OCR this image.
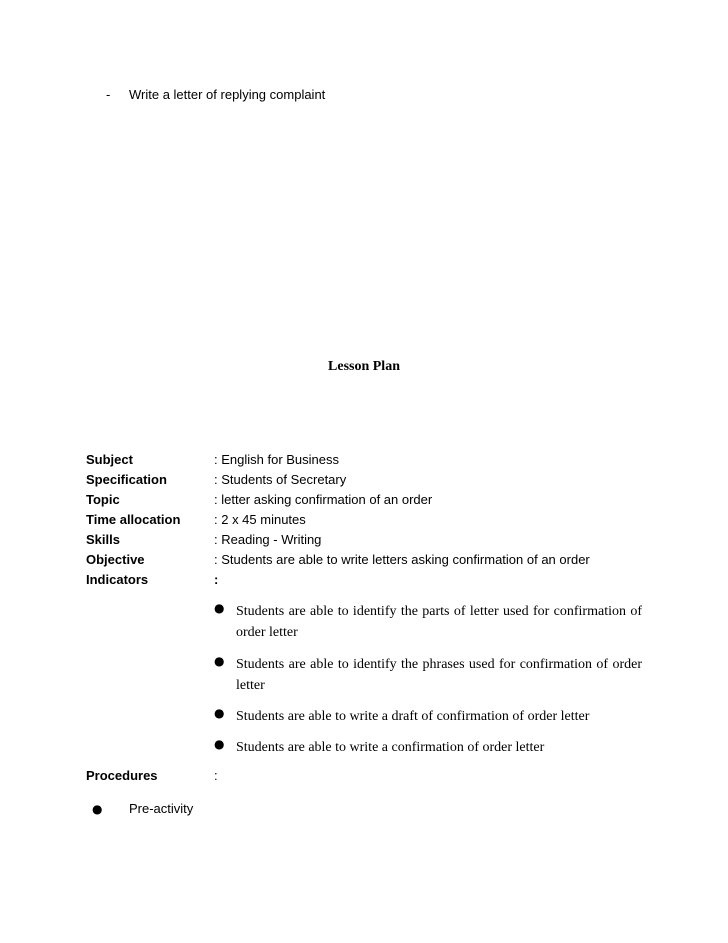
- Write a letter of replying complaint
Lesson Plan
Subject	: English for Business
Specification	: Students of Secretary
Topic	: letter asking confirmation of an order
Time allocation	: 2 x 45 minutes
Skills	: Reading - Writing
Objective	: Students are able to write letters asking confirmation of an order
Indicators	:
● Students are able to identify the parts of letter used for confirmation of order letter
● Students are able to identify the phrases used for confirmation of order letter
● Students are able to write a draft of confirmation of order letter
● Students are able to write a confirmation of order letter
Procedures	:
● Pre-activity
